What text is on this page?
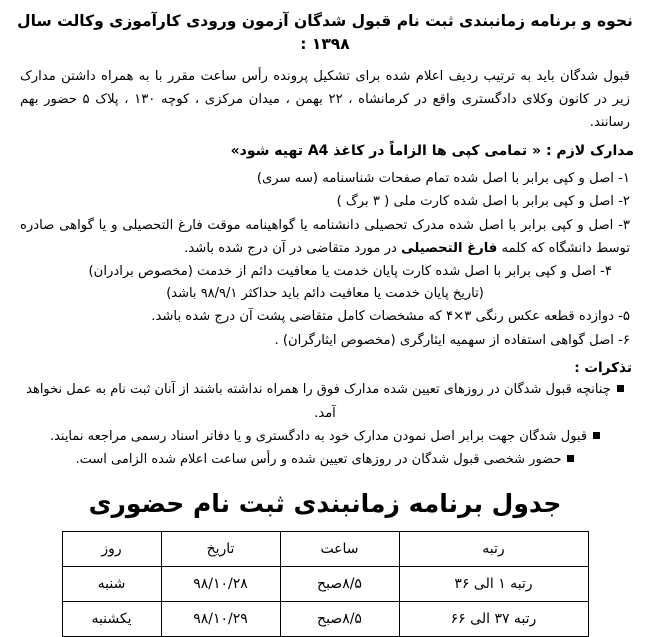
نحوه و برنامه زمانبندی ثبت نام قبول شدگان آزمون ورودی کارآموزی وکالت سال ۱۳۹۸ :

قبول شدگان باید به ترتیب ردیف اعلام شده برای تشکیل پرونده رأس ساعت مقرر با به همراه داشتن مدارک زیر در کانون وکلای دادگستری واقع در کرمانشاه ، ۲۲ بهمن ، میدان مرکزی ، کوچه ۱۳۰ ، پلاک ۵ حضور بهم رسانند.

مدارک لازم : « تمامی کپی ها الزاماً در کاغذ A4 تهیه شود»
۱- اصل و کپی برابر با اصل شده تمام صفحات شناسنامه (سه سری)
۲- اصل و کپی برابر با اصل شده کارت ملی ( ۳ برگ )
۳- اصل و کپی برابر با اصل شده مدرک تحصیلی دانشنامه یا گواهینامه موقت فارغ التحصیلی و یا گواهی صادره توسط دانشگاه که کلمه فارغ التحصیلی در مورد متقاضی در آن درج شده باشد.
۴- اصل و کپی برابر با اصل شده کارت پایان خدمت یا معافیت دائم از خدمت (مخصوص برادران)
(تاریخ پایان خدمت یا معافیت دائم باید حداکثر ۹۸/۹/۱ باشد)
۵- دوازده قطعه عکس رنگی ۳×۴ که مشخصات کامل متقاضی پشت آن درج شده باشد.
۶- اصل گواهی استفاده از سهمیه ایثارگری (مخصوص ایثارگران) .
تذکرات :
چنانچه قبول شدگان در روزهای تعیین شده مدارک فوق را همراه نداشته باشند از آنان ثبت نام به عمل نخواهد آمد.
قبول شدگان جهت برابر اصل نمودن مدارک خود به دادگستری و یا دفاتر اسناد رسمی مراجعه نمایند.
حضور شخصی قبول شدگان در روزهای تعیین شده و رأس ساعت اعلام شده الزامی است.
جدول برنامه زمانبندی ثبت نام حضوری
رتبه	ساعت	تاریخ	روز
رتبه ۱ الی ۳۶	۸/۵صبح	۹۸/۱۰/۲۸	شنبه
رتبه ۳۷ الی ۶۶	۸/۵صبح	۹۸/۱۰/۲۹	یکشنبه
